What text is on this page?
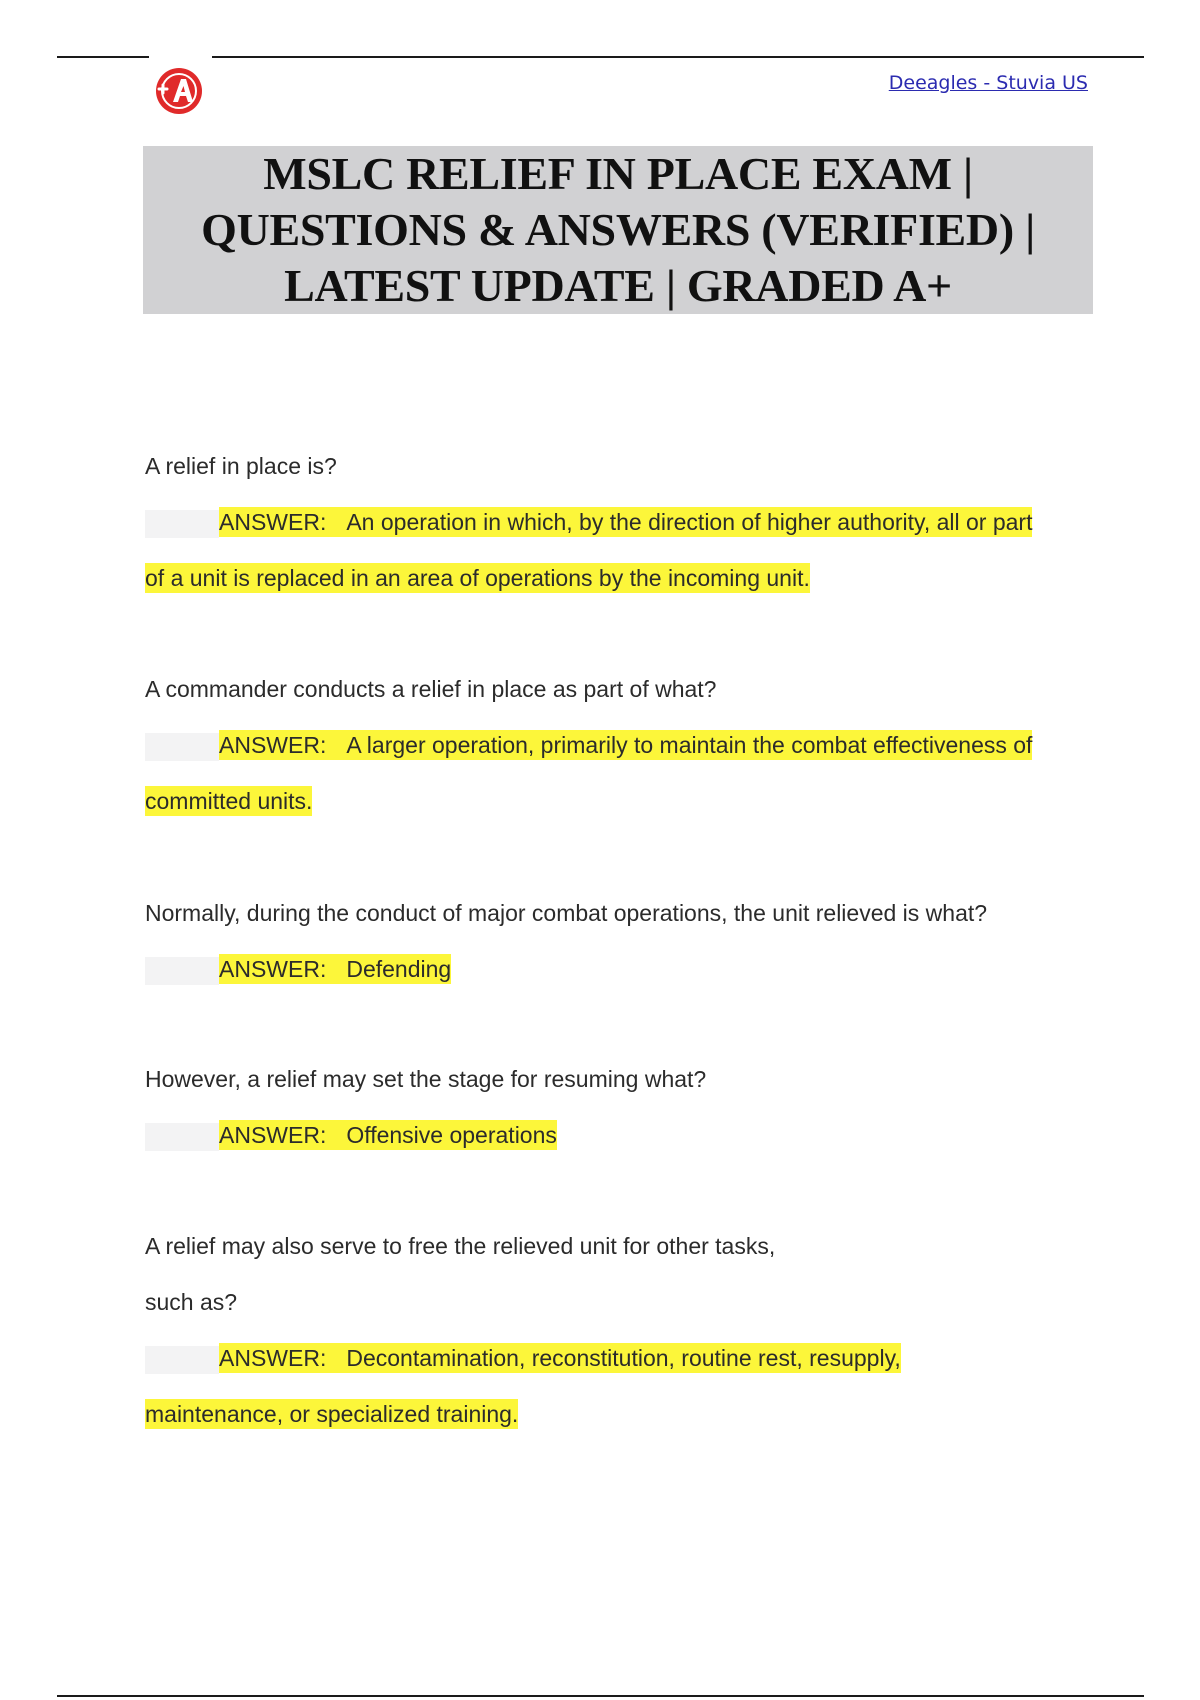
Deeagles - Stuvia US
MSLC RELIEF IN PLACE EXAM |
QUESTIONS & ANSWERS (VERIFIED) |
LATEST UPDATE | GRADED A+
A relief in place is?
ANSWER: An operation in which, by the direction of higher authority, all or part
of a unit is replaced in an area of operations by the incoming unit.
A commander conducts a relief in place as part of what?
ANSWER: A larger operation, primarily to maintain the combat effectiveness of
committed units.
Normally, during the conduct of major combat operations, the unit relieved is what?
ANSWER: Defending
However, a relief may set the stage for resuming what?
ANSWER: Offensive operations
A relief may also serve to free the relieved unit for other tasks,
such as?
ANSWER: Decontamination, reconstitution, routine rest, resupply,
maintenance, or specialized training.
